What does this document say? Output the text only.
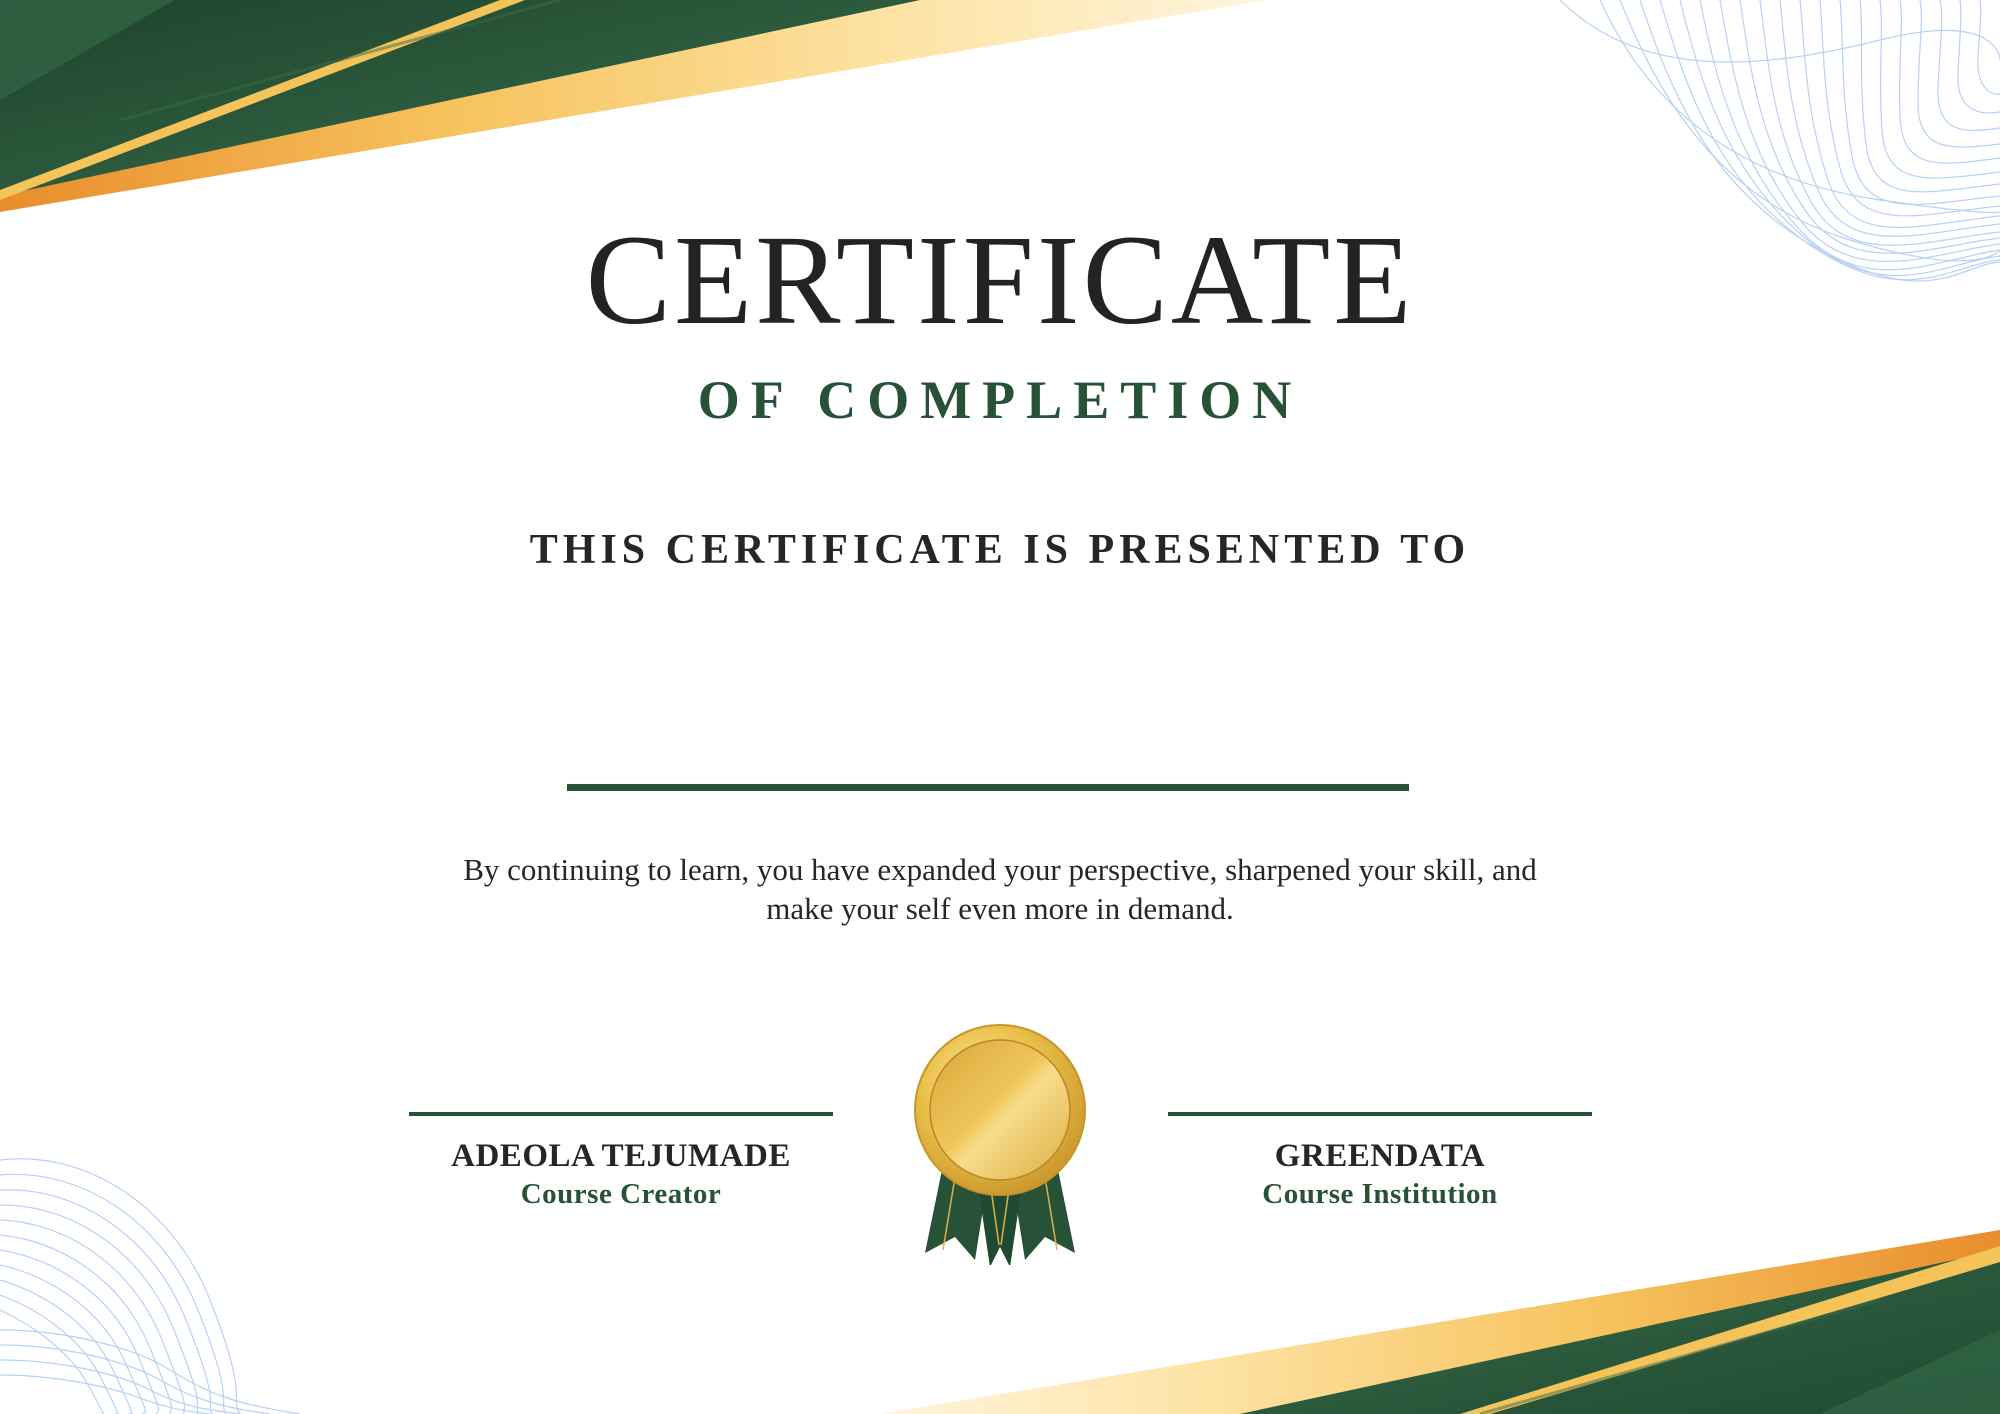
CERTIFICATE
OF COMPLETION
THIS CERTIFICATE IS PRESENTED TO
By continuing to learn, you have expanded your perspective, sharpened your skill, and make your self even more in demand.
ADEOLA TEJUMADE
Course Creator
GREENDATA
Course Institution
